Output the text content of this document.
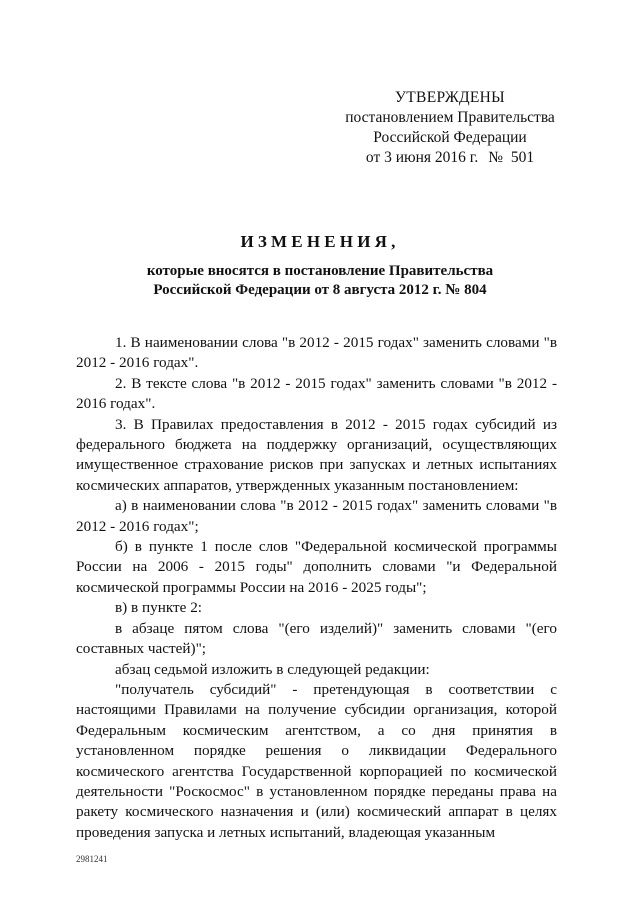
УТВЕРЖДЕНЫ
постановлением Правительства
Российской Федерации
от 3 июня 2016 г. № 501
ИЗМЕНЕНИЯ,
которые вносятся в постановление Правительства
Российской Федерации от 8 августа 2012 г. № 804

1. В наименовании слова "в 2012 - 2015 годах" заменить словами "в 2012 - 2016 годах".

2. В тексте слова "в 2012 - 2015 годах" заменить словами "в 2012 - 2016 годах".

3. В Правилах предоставления в 2012 - 2015 годах субсидий из федерального бюджета на поддержку организаций, осуществляющих имущественное страхование рисков при запусках и летных испытаниях космических аппаратов, утвержденных указанным постановлением:

а) в наименовании слова "в 2012 - 2015 годах" заменить словами "в 2012 - 2016 годах";

б) в пункте 1 после слов "Федеральной космической программы России на 2006 - 2015 годы" дополнить словами "и Федеральной космической программы России на 2016 - 2025 годы";

в) в пункте 2:

в абзаце пятом слова "(его изделий)" заменить словами "(его составных частей)";

абзац седьмой изложить в следующей редакции:

"получатель субсидий" - претендующая в соответствии с настоящими Правилами на получение субсидии организация, которой Федеральным космическим агентством, а со дня принятия в установленном порядке решения о ликвидации Федерального космического агентства Государственной корпорацией по космической деятельности "Роскосмос" в установленном порядке переданы права на ракету космического назначения и (или) космический аппарат в целях проведения запуска и летных испытаний, владеющая указанным

2981241
